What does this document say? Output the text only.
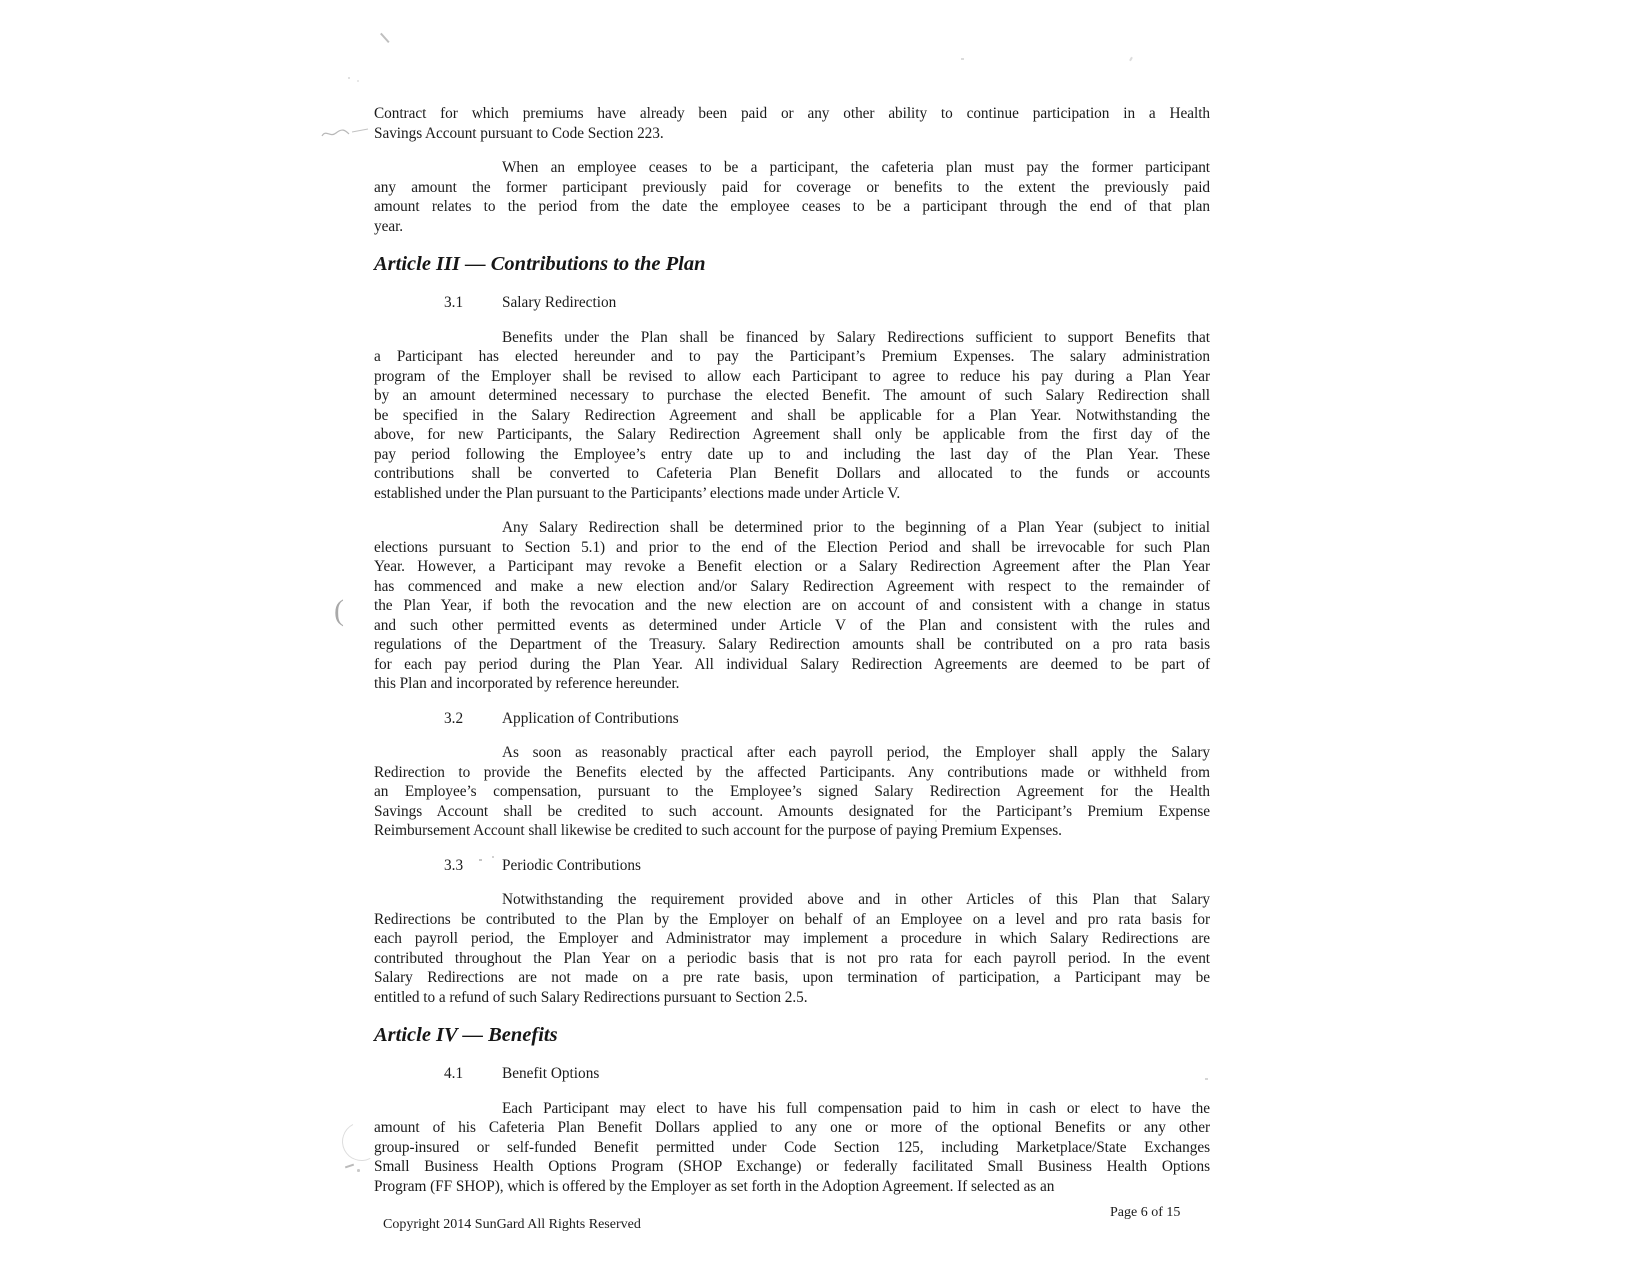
Contract for which premiums have already been paid or any other ability to continue participation in a Health
Savings Account pursuant to Code Section 223.
When an employee ceases to be a participant, the cafeteria plan must pay the former participant
any amount the former participant previously paid for coverage or benefits to the extent the previously paid
amount relates to the period from the date the employee ceases to be a participant through the end of that plan
year.
Article III — Contributions to the Plan
3.1	Salary Redirection
Benefits under the Plan shall be financed by Salary Redirections sufficient to support Benefits that
a Participant has elected hereunder and to pay the Participant’s Premium Expenses. The salary administration
program of the Employer shall be revised to allow each Participant to agree to reduce his pay during a Plan Year
by an amount determined necessary to purchase the elected Benefit. The amount of such Salary Redirection shall
be specified in the Salary Redirection Agreement and shall be applicable for a Plan Year. Notwithstanding the
above, for new Participants, the Salary Redirection Agreement shall only be applicable from the first day of the
pay period following the Employee’s entry date up to and including the last day of the Plan Year. These
contributions shall be converted to Cafeteria Plan Benefit Dollars and allocated to the funds or accounts
established under the Plan pursuant to the Participants’ elections made under Article V.
Any Salary Redirection shall be determined prior to the beginning of a Plan Year (subject to initial
elections pursuant to Section 5.1) and prior to the end of the Election Period and shall be irrevocable for such Plan
Year. However, a Participant may revoke a Benefit election or a Salary Redirection Agreement after the Plan Year
has commenced and make a new election and/or Salary Redirection Agreement with respect to the remainder of
the Plan Year, if both the revocation and the new election are on account of and consistent with a change in status
and such other permitted events as determined under Article V of the Plan and consistent with the rules and
regulations of the Department of the Treasury. Salary Redirection amounts shall be contributed on a pro rata basis
for each pay period during the Plan Year. All individual Salary Redirection Agreements are deemed to be part of
this Plan and incorporated by reference hereunder.
3.2	Application of Contributions
As soon as reasonably practical after each payroll period, the Employer shall apply the Salary
Redirection to provide the Benefits elected by the affected Participants. Any contributions made or withheld from
an Employee’s compensation, pursuant to the Employee’s signed Salary Redirection Agreement for the Health
Savings Account shall be credited to such account. Amounts designated for the Participant’s Premium Expense
Reimbursement Account shall likewise be credited to such account for the purpose of paying Premium Expenses.
3.3	Periodic Contributions
Notwithstanding the requirement provided above and in other Articles of this Plan that Salary
Redirections be contributed to the Plan by the Employer on behalf of an Employee on a level and pro rata basis for
each payroll period, the Employer and Administrator may implement a procedure in which Salary Redirections are
contributed throughout the Plan Year on a periodic basis that is not pro rata for each payroll period. In the event
Salary Redirections are not made on a pre rate basis, upon termination of participation, a Participant may be
entitled to a refund of such Salary Redirections pursuant to Section 2.5.
Article IV — Benefits
4.1	Benefit Options
Each Participant may elect to have his full compensation paid to him in cash or elect to have the
amount of his Cafeteria Plan Benefit Dollars applied to any one or more of the optional Benefits or any other
group-insured or self-funded Benefit permitted under Code Section 125, including Marketplace/State Exchanges
Small Business Health Options Program (SHOP Exchange) or federally facilitated Small Business Health Options
Program (FF SHOP), which is offered by the Employer as set forth in the Adoption Agreement. If selected as an
Copyright 2014 SunGard All Rights Reserved
Page 6 of 15
(
